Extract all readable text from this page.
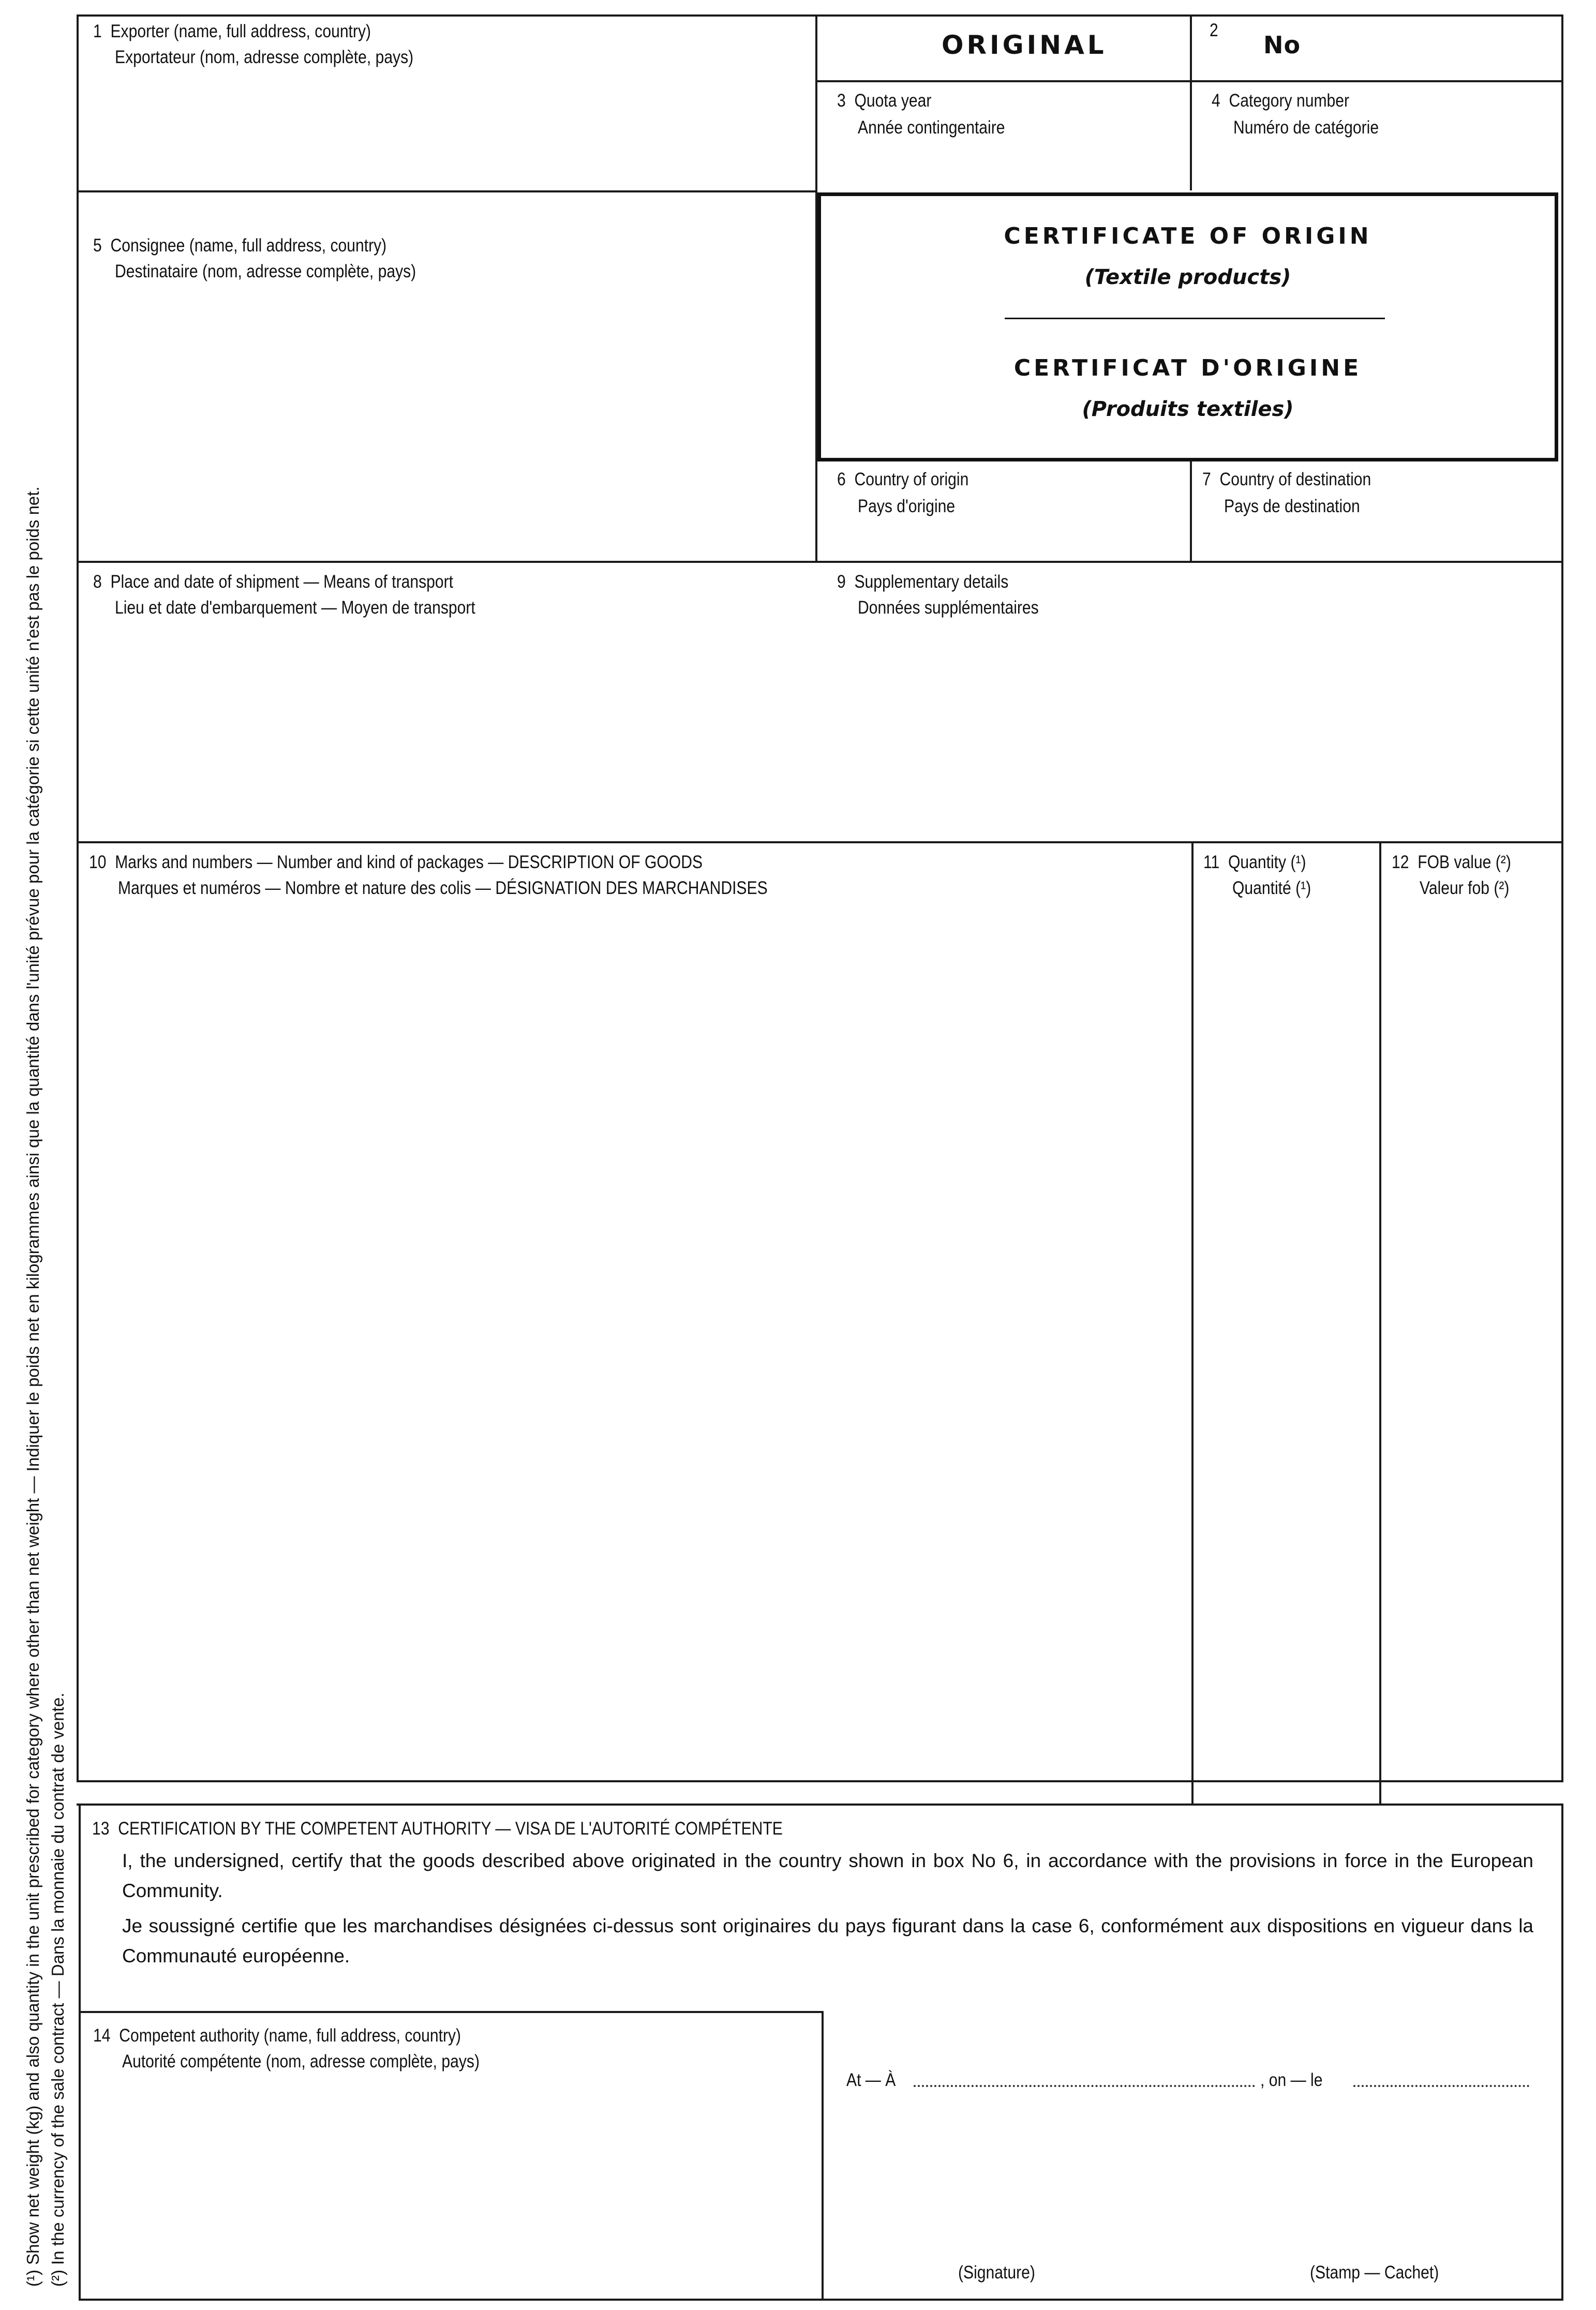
(¹) Show net weight (kg) and also quantity in the unit prescribed for category where other than net weight — Indiquer le poids net en kilogrammes ainsi que la quantité dans l'unité prévue pour la catégorie si cette unité n'est pas le poids net. (²) In the currency of the sale contract — Dans la monnaie du contrat de vente.
1 Exporter (name, full address, country)
Exportateur (nom, adresse complète, pays)	ORIGINAL	2
No
3 Quota year
Année contingentaire
4 Category number
Numéro de catégorie
5 Consignee (name, full address, country)
Destinataire (nom, adresse complète, pays)
CERTIFICATE OF ORIGIN
(Textile products)
CERTIFICAT D'ORIGINE
(Produits textiles)
6 Country of origin
Pays d'origine
7 Country of destination
Pays de destination
8 Place and date of shipment — Means of transport
Lieu et date d'embarquement — Moyen de transport
9 Supplementary details
Données supplémentaires
10 Marks and numbers — Number and kind of packages — DESCRIPTION OF GOODS
Marques et numéros — Nombre et nature des colis — DÉSIGNATION DES MARCHANDISES
11 Quantity (¹)
Quantité (¹)
12 FOB value (²)
Valeur fob (²)
13 CERTIFICATION BY THE COMPETENT AUTHORITY — VISA DE L'AUTORITÉ COMPÉTENTE
I, the undersigned, certify that the goods described above originated in the country shown in box No 6, in accordance with the provisions in force in the European Community.
Je soussigné certifie que les marchandises désignées ci-dessus sont originaires du pays figurant dans la case 6, conformément aux dispositions en vigueur dans la Communauté européenne.
14 Competent authority (name, full address, country)
Autorité compétente (nom, adresse complète, pays)
At — À	, on — le
(Signature)	(Stamp — Cachet)
